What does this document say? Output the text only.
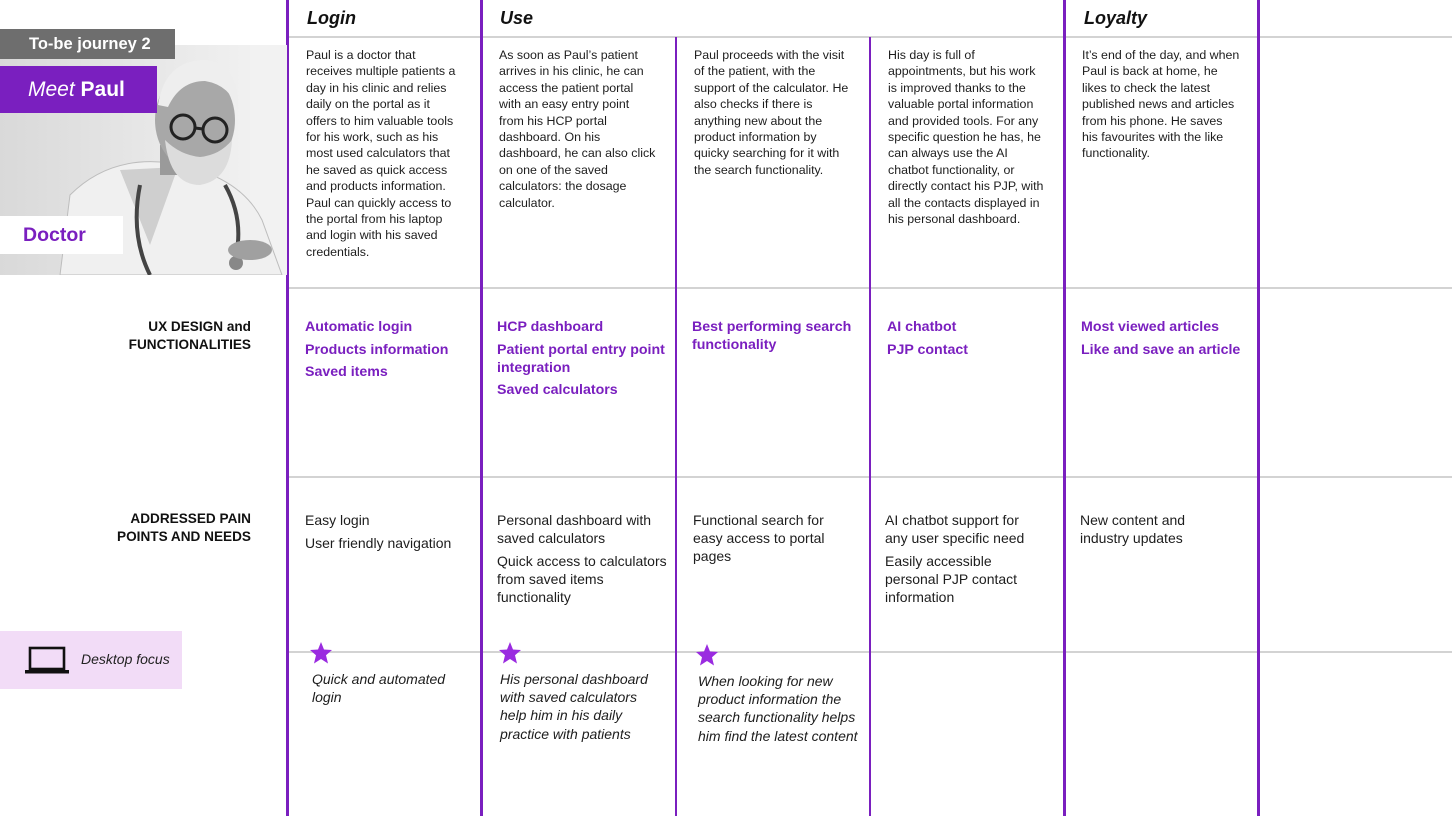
Login	Use	Loyalty
To-be journey 2
Meet Paul
Doctor
UX DESIGN and
FUNCTIONALITIES
ADDRESSED PAIN
POINTS AND NEEDS
Desktop focus
Paul is a doctor that receives multiple patients a day in his clinic and relies daily on the portal as it offers to him valuable tools for his work, such as his most used calculators that he saved as quick access and products information. Paul can quickly access to the portal from his laptop and login with his saved credentials.
Automatic login
Products information
Saved items
Easy login
User friendly navigation
Quick and automated login
As soon as Paul’s patient arrives in his clinic, he can access the patient portal with an easy entry point from his HCP portal dashboard. On his dashboard, he can also click on one of the saved calculators: the dosage calculator.
HCP dashboard
Patient portal entry point integration
Saved calculators
Personal dashboard with saved calculators
Quick access to calculators from saved items functionality
His personal dashboard with saved calculators help him in his daily practice with patients
Paul proceeds with the visit of the patient, with the support of the calculator. He also checks if there is anything new about the product information by quicky searching for it with the search functionality.
Best performing search functionality
Functional search for easy access to portal pages
When looking for new product information the search functionality helps him find the latest content
His day is full of appointments, but his work is improved thanks to the valuable portal information and provided tools. For any specific question he has, he can always use the AI chatbot functionality, or directly contact his PJP, with all the contacts displayed in his personal dashboard.
AI chatbot
PJP contact
AI chatbot support for any user specific need
Easily accessible personal PJP contact information
It’s end of the day, and when Paul is back at home, he likes to check the latest published news and articles from his phone. He saves his favourites with the like functionality.
Most viewed articles
Like and save an article
New content and industry updates
